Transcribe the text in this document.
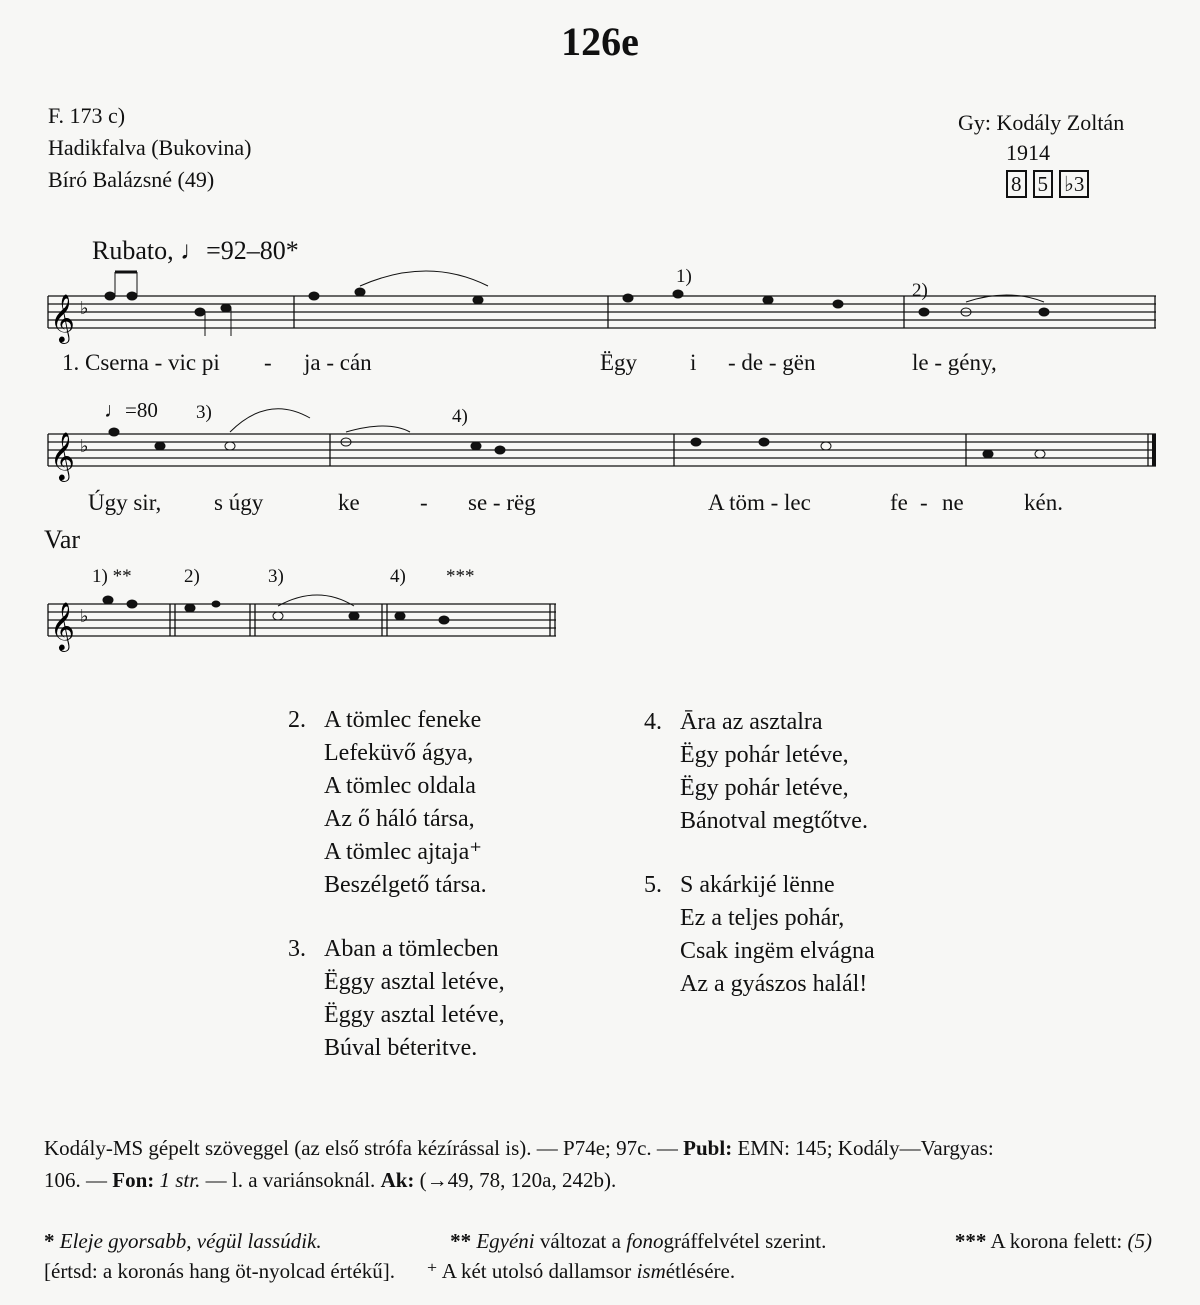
126e
F. 173 c)
Hadikfalva (Bukovina)
Bíró Balázsné (49)
Gy: Kodály Zoltán
1914
8 5 ♭3
Rubato, ♩=92–80*
𝄞 ♭
1)
2)
1. Cserna - vic pi - ja - cán	Ëgy i - de - gën	le - gény,
♩=80 3)	4)
𝄞 ♭
Úgy sir, s úgy	ke	- se - rëg	A töm - lec	fe - ne	kén.
Var
1) **	2)	3)	4) ***
𝄞 ♭
2. A tömlec feneke
Lefeküvő ágya,
A tömlec oldala
Az ő háló társa,
A tömlec ajtaja⁺
Beszélgető társa.
3. Aban a tömlecben
Ëggy asztal letéve,
Ëggy asztal letéve,
Búval béteritve.
4. Āra az asztalra
Ëgy pohár letéve,
Ëgy pohár letéve,
Bánotval megtőtve.
5. S akárkijé lënne
Ez a teljes pohár,
Csak ingëm elvágna
Az a gyászos halál!
Kodály-MS gépelt szöveggel (az első strófa kézírással is). — P74e; 97c. — Publ: EMN: 145; Kodály—Vargyas:
106. — Fon: 1 str. — l. a variánsoknál. Ak: (→49, 78, 120a, 242b).
* Eleje gyorsabb, végül lassúdik.	** Egyéni változat a fonográffelvétel szerint.	*** A korona felett: (5)
[értsd: a koronás hang öt-nyolcad értékű]. ⁺ A két utolsó dallamsor ismétlésére.
